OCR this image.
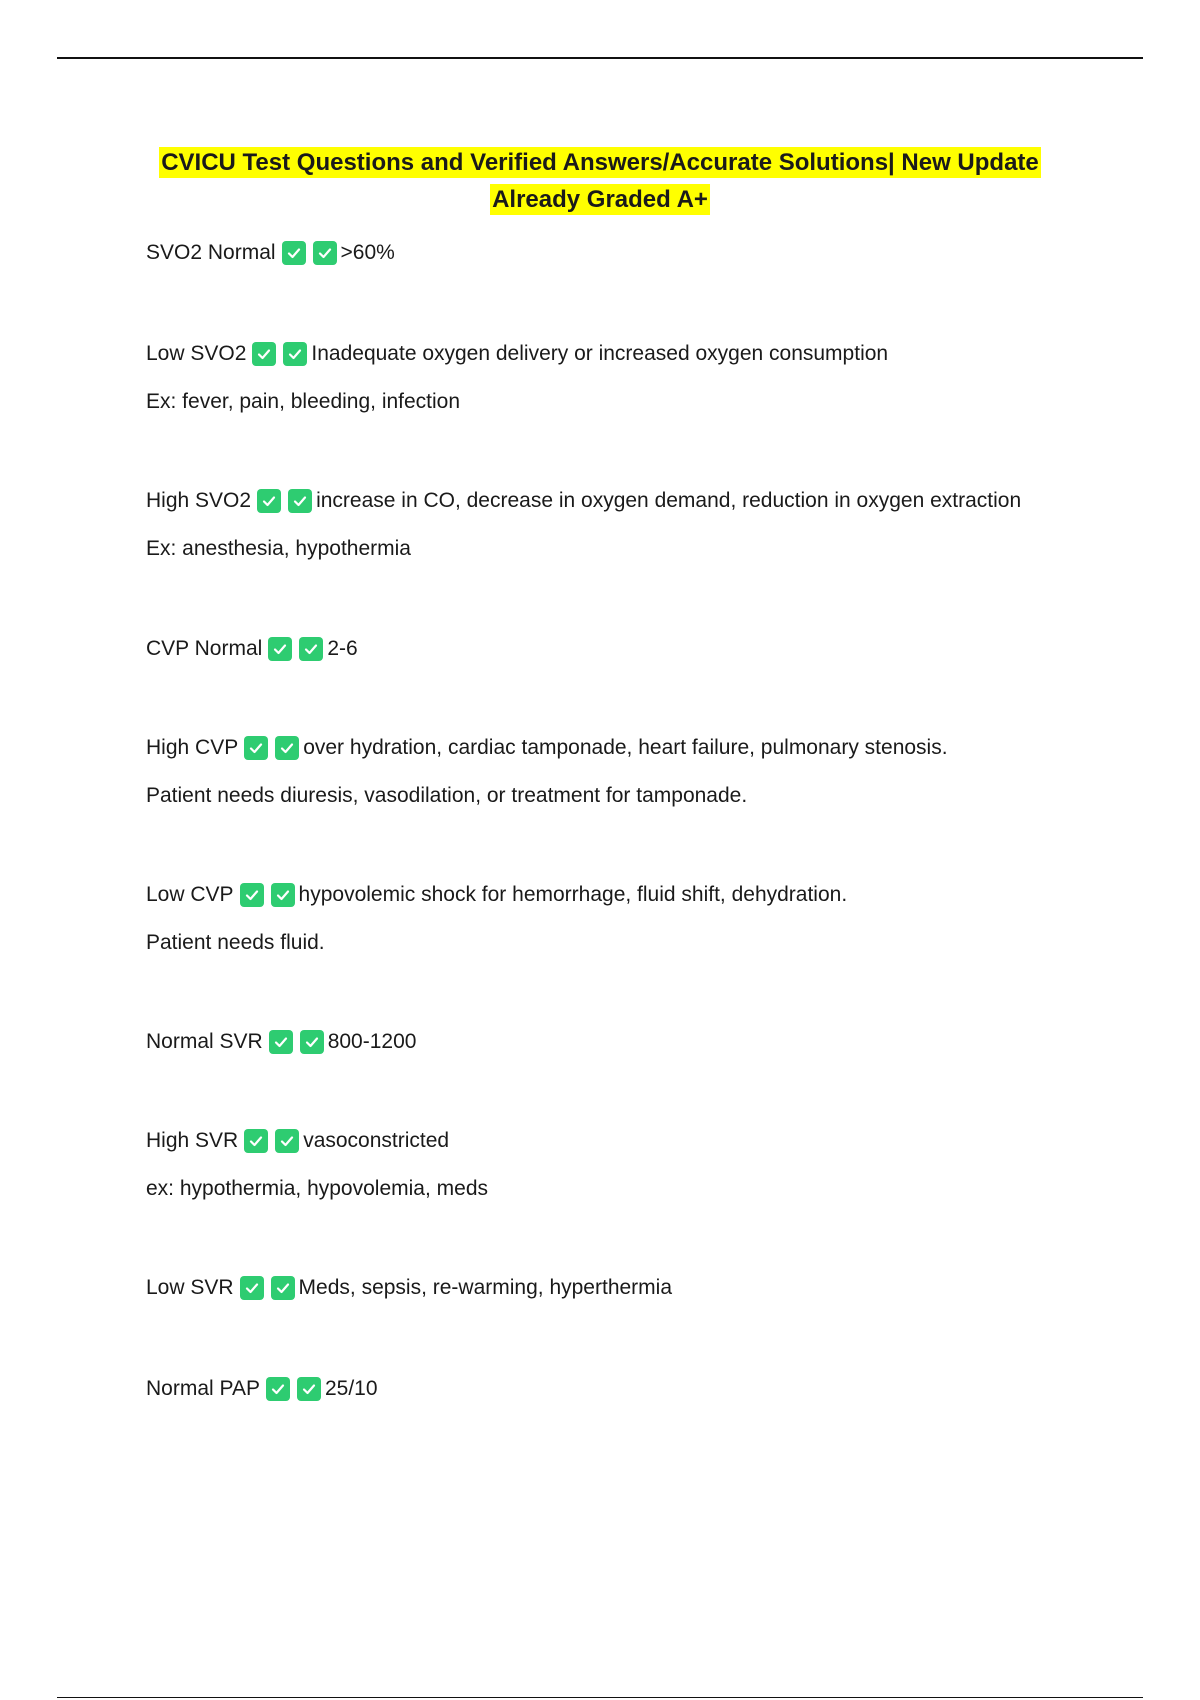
CVICU Test Questions and Verified Answers/Accurate Solutions| New Update
Already Graded A+
SVO2 Normal	>60%
Low SVO2	Inadequate oxygen delivery or increased oxygen consumption
Ex: fever, pain, bleeding, infection
High SVO2	increase in CO, decrease in oxygen demand, reduction in oxygen extraction
Ex: anesthesia, hypothermia
CVP Normal	2-6
High CVP	over hydration, cardiac tamponade, heart failure, pulmonary stenosis.
Patient needs diuresis, vasodilation, or treatment for tamponade.
Low CVP	hypovolemic shock for hemorrhage, fluid shift, dehydration.
Patient needs fluid.
Normal SVR	800-1200
High SVR	vasoconstricted
ex: hypothermia, hypovolemia, meds
Low SVR	Meds, sepsis, re-warming, hyperthermia
Normal PAP	25/10
